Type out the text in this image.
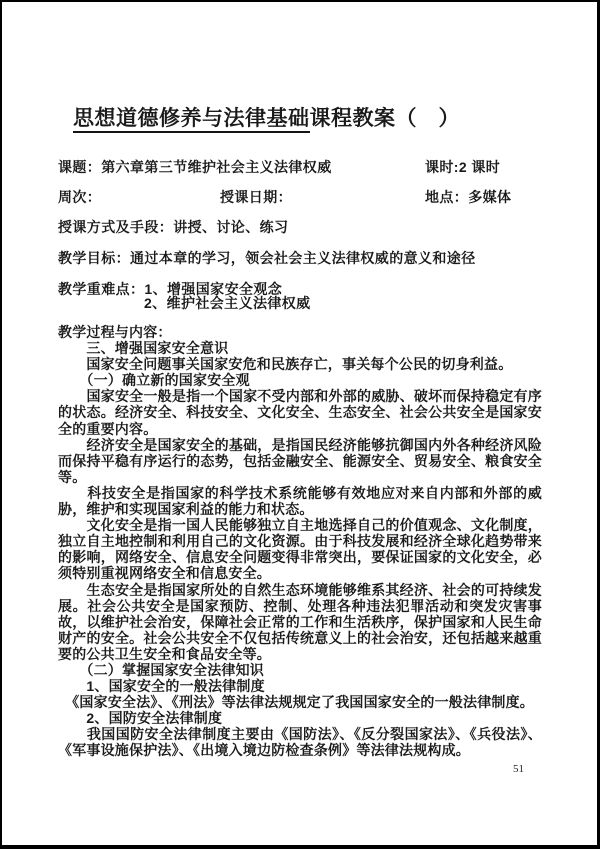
思想道德修养与法律基础课程教案（　）
课题：第六章第三节维护社会主义法律权威	课时:2 课时
周次：	授课日期：	地点：多媒体
授课方式及手段：讲授、讨论、练习
教学目标：通过本章的学习，领会社会主义法律权威的意义和途径
教学重难点：1、增强国家安全观念
2、维护社会主义法律权威
教学过程与内容：
　　三、增强国家安全意识
　　国家安全问题事关国家安危和民族存亡，事关每个公民的切身利益。
　　（一）确立新的国家安全观
　　国家安全一般是指一个国家不受内部和外部的威胁、破坏而保持稳定有序的状态。经济安全、科技安全、文化安全、生态安全、社会公共安全是国家安全的重要内容。
　　经济安全是国家安全的基础，是指国民经济能够抗御国内外各种经济风险而保持平稳有序运行的态势，包括金融安全、能源安全、贸易安全、粮食安全等。
　　科技安全是指国家的科学技术系统能够有效地应对来自内部和外部的威胁，维护和实现国家利益的能力和状态。
　　文化安全是指一国人民能够独立自主地选择自己的价值观念、文化制度，独立自主地控制和利用自己的文化资源。由于科技发展和经济全球化趋势带来的影响，网络安全、信息安全问题变得非常突出，要保证国家的文化安全，必须特别重视网络安全和信息安全。
　　生态安全是指国家所处的自然生态环境能够维系其经济、社会的可持续发展。社会公共安全是国家预防、控制、处理各种违法犯罪活动和突发灾害事故，以维护社会治安，保障社会正常的工作和生活秩序，保护国家和人民生命财产的安全。社会公共安全不仅包括传统意义上的社会治安，还包括越来越重要的公共卫生安全和食品安全等。
　　（二）掌握国家安全法律知识
　　1、国家安全的一般法律制度
　《国家安全法》、《刑法》等法律法规规定了我国国家安全的一般法律制度。
　　2、国防安全法律制度
　　我国国防安全法律制度主要由《国防法》、《反分裂国家法》、《兵役法》、《军事设施保护法》、《出境入境边防检查条例》等法律法规构成。
51
